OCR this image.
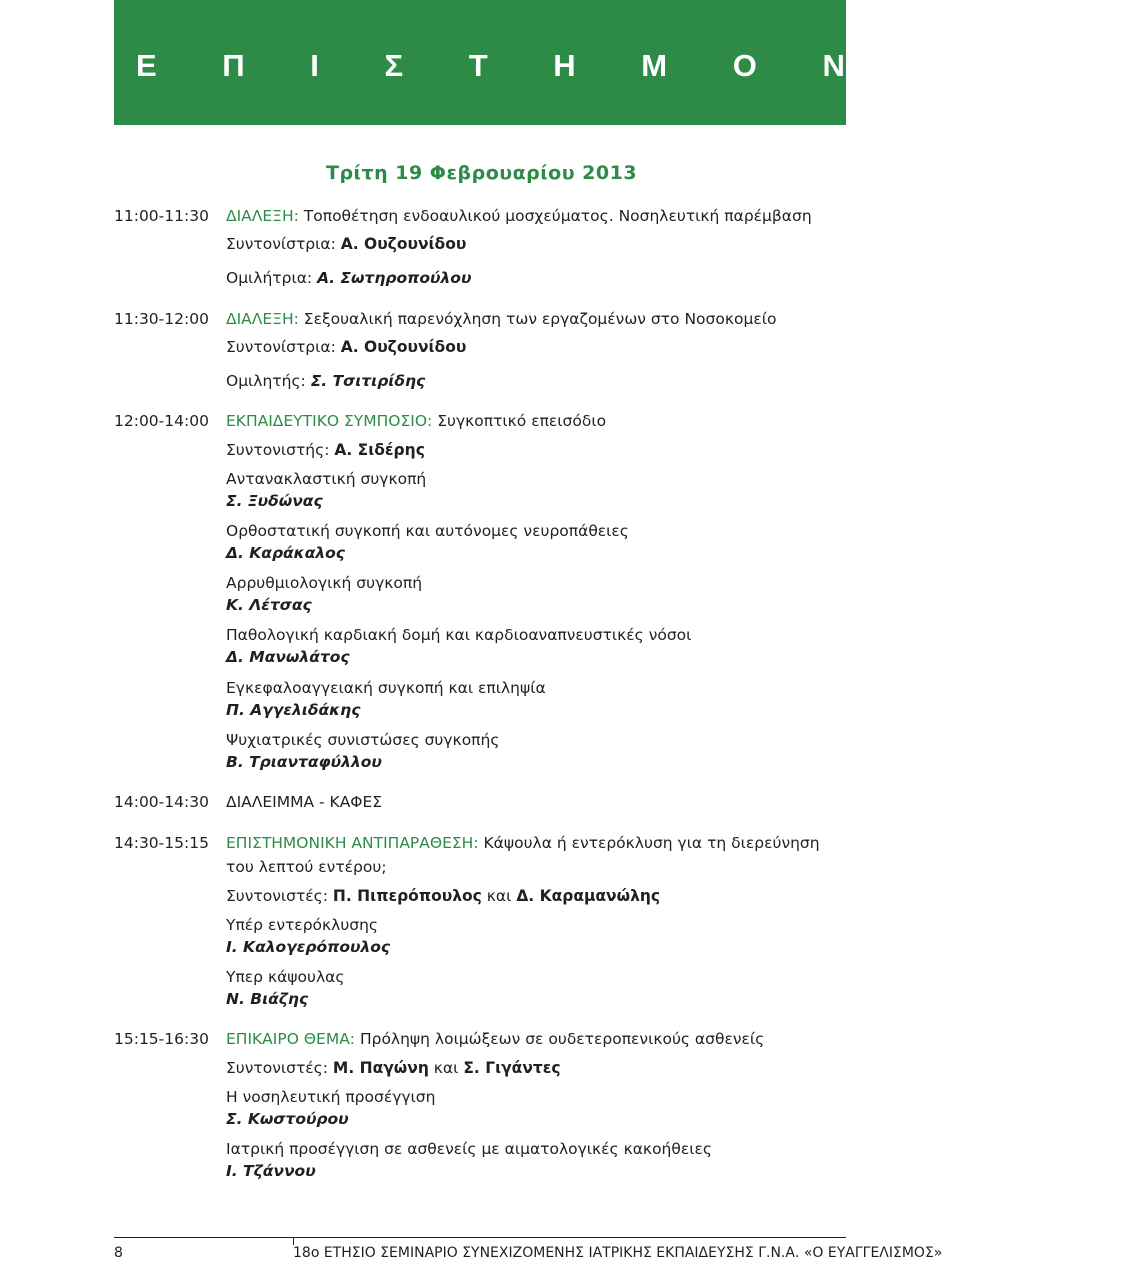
Ε Π Ι Σ Τ Η Μ Ο Ν Ι Κ Ο
Τρίτη 19 Φεβρουαρίου 2013
11:00-11:30 ΔΙΑΛΕΞΗ: Τοποθέτηση ενδοαυλικού μοσχεύματος. Νοσηλευτική παρέμβαση
Συντονίστρια: Α. Ουζουνίδου
Ομιλήτρια: Α. Σωτηροπούλου
11:30-12:00 ΔΙΑΛΕΞΗ: Σεξουαλική παρενόχληση των εργαζομένων στο Νοσοκομείο
Συντονίστρια: Α. Ουζουνίδου
Ομιλητής: Σ. Τσιτιρίδης
12:00-14:00 ΕΚΠΑΙΔΕΥΤΙΚΟ ΣΥΜΠΟΣΙΟ: Συγκοπτικό επεισόδιο
Συντονιστής: Α. Σιδέρης
Αντανακλαστική συγκοπή
Σ. Ξυδώνας
Ορθοστατική συγκοπή και αυτόνομες νευροπάθειες
Δ. Καράκαλος
Αρρυθμιολογική συγκοπή
Κ. Λέτσας
Παθολογική καρδιακή δομή και καρδιοαναπνευστικές νόσοι
Δ. Μανωλάτος
Εγκεφαλοαγγειακή συγκοπή και επιληψία
Π. Αγγελιδάκης
Ψυχιατρικές συνιστώσες συγκοπής
Β. Τριανταφύλλου
14:00-14:30 ΔΙΑΛΕΙΜΜΑ - ΚΑΦΕΣ
14:30-15:15 ΕΠΙΣΤΗΜΟΝΙΚΗ ΑΝΤΙΠΑΡΑΘΕΣΗ: Κάψουλα ή εντερόκλυση για τη διερεύνηση
του λεπτού εντέρου;
Συντονιστές: Π. Πιπερόπουλος και Δ. Καραμανώλης
Υπέρ εντερόκλυσης
Ι. Καλογερόπουλος
Υπερ κάψουλας
Ν. Βιάζης
15:15-16:30 ΕΠΙΚΑΙΡΟ ΘΕΜΑ: Πρόληψη λοιμώξεων σε ουδετεροπενικούς ασθενείς
Συντονιστές: Μ. Παγώνη και Σ. Γιγάντες
Η νοσηλευτική προσέγγιση
Σ. Κωστούρου
Ιατρική προσέγγιση σε ασθενείς με αιματολογικές κακοήθειες
Ι. Τζάννου
8	18ο ΕΤΗΣΙΟ ΣΕΜΙΝΑΡΙΟ ΣΥΝΕΧΙΖΟΜΕΝΗΣ ΙΑΤΡΙΚΗΣ ΕΚΠΑΙΔΕΥΣΗΣ Γ.Ν.Α. «Ο ΕΥΑΓΓΕΛΙΣΜΟΣ»
